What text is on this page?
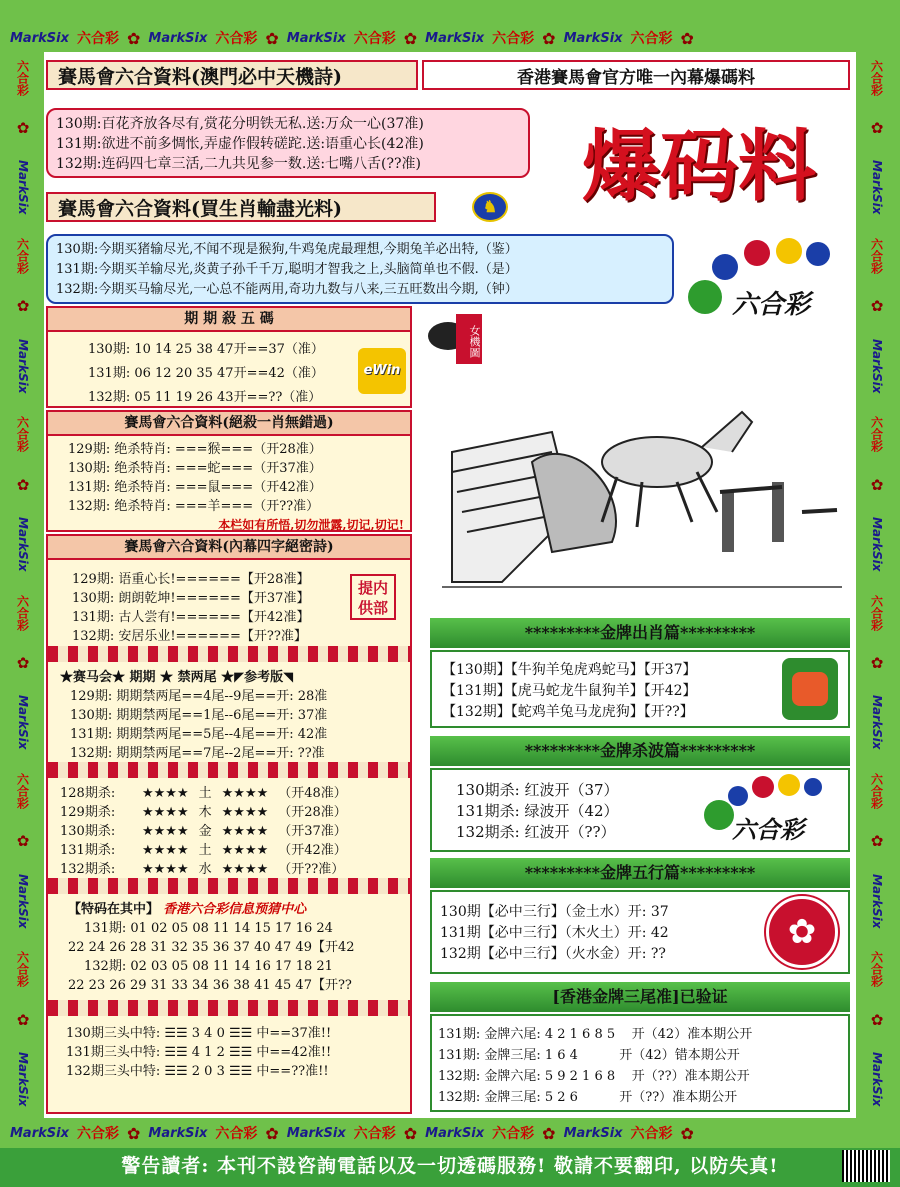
MarkSix 六合彩 ✿ MarkSix 六合彩 ✿ MarkSix 六合彩 ✿ MarkSix 六合彩 ✿ MarkSix 六合彩 ✿
MarkSix 六合彩 ✿ MarkSix 六合彩 ✿ MarkSix 六合彩 ✿ MarkSix 六合彩 ✿ MarkSix 六合彩 ✿
六合彩
✿
MarkSix
六合彩
✿
MarkSix
六合彩
✿
MarkSix
六合彩
✿
MarkSix
六合彩
✿
MarkSix
六合彩
✿
MarkSix
六合彩
✿
MarkSix
六合彩
✿
MarkSix
六合彩
✿
MarkSix
六合彩
✿
MarkSix
六合彩
✿
MarkSix
六合彩
✿
MarkSix
賽馬會六合資料(澳門必中天機詩)	香港賽馬會官方唯一內幕爆碼料
130期:百花齐放各尽有,赏花分明铁无私.送:万众一心(37准)
131期:欲进不前多惆怅,弄虚作假转磋跎.送:语重心长(42准)
132期:连码四七章三活,二九共见参一数.送:七嘴八舌(??准)	爆码料
賽馬會六合資料(買生肖輸盡光料)	♞
130期:今期买猪输尽光,不闻不现是猴狗,牛鸡兔虎最理想,今期兔羊必出特,（鉴）
131期:今期买羊输尽光,炎黄子孙千千万,聪明才智我之上,头脑简单也不假.（是）
132期:今期买马输尽光,一心总不能两用,奇功九数与八来,三五旺数出今期,（钟）
六合彩
期 期 殺 五 碼
130期: 10 14 25 38 47开==37（准）
131期: 06 12 20 35 47开==42（准）
132期: 05 11 19 26 43开==??（准）
eWin
賽馬會六合資料(絕殺一肖無錯過)
129期: 绝杀特肖: ===猴===（开28准）
130期: 绝杀特肖: ===蛇===（开37准）
131期: 绝杀特肖: ===鼠===（开42准）
132期: 绝杀特肖: ===羊===（开??准）
本栏如有所悟,切勿泄露,切记,切记!
賽馬會六合資料(內幕四字絕密詩)
129期: 语重心长!======【开28准】
130期: 朗朗乾坤!======【开37准】
131期: 古人尝有!======【开42准】
132期: 安居乐业!======【开??准】
提内供部
★赛马会★ 期期 ★ 禁两尾 ★◤参考版◥
129期: 期期禁两尾==4尾--9尾==开: 28准
130期: 期期禁两尾==1尾--6尾==开: 37准
131期: 期期禁两尾==5尾--4尾==开: 42准
132期: 期期禁两尾==7尾--2尾==开: ??准
128期杀: ★★★★ 土 ★★★★ （开48准）
129期杀: ★★★★ 木 ★★★★ （开28准）
130期杀: ★★★★ 金 ★★★★ （开37准）
131期杀: ★★★★ 土 ★★★★ （开42准）
132期杀: ★★★★ 水 ★★★★ （开??准）
【特码在其中】 香港六合彩信息预猜中心
131期: 01 02 05 08 11 14 15 17 16 24
22 24 26 28 31 32 35 36 37 40 47 49【开42
132期: 02 03 05 08 11 14 16 17 18 21
22 23 26 29 31 33 34 36 38 41 45 47【开??
130期三头中特: ☰☰ 3 4 0 ☰☰ 中==37准!!
131期三头中特: ☰☰ 4 1 2 ☰☰ 中==42准!!
132期三头中特: ☰☰ 2 0 3 ☰☰ 中==??准!!
女機圖
*********金牌出肖篇*********
【130期】【牛狗羊兔虎鸡蛇马】【开37】
【131期】【虎马蛇龙牛鼠狗羊】【开42】
【132期】【蛇鸡羊兔马龙虎狗】【开??】
*********金牌杀波篇*********
130期杀: 红波开（37）
131期杀: 绿波开（42）
132期杀: 红波开（??）	六合彩
*********金牌五行篇*********
130期【必中三行】（金土水）开: 37
131期【必中三行】（木火土）开: 42
132期【必中三行】（火水金）开: ??
✿
[香港金牌三尾准]已验证
131期: 金牌六尾: 4 2 1 6 8 5    开（42）准本期公开
131期: 金牌三尾: 1 6 4          开（42）错本期公开
132期: 金牌六尾: 5 9 2 1 6 8    开（??）准本期公开
132期: 金牌三尾: 5 2 6          开（??）准本期公开
警告讀者: 本刊不設咨詢電話以及一切透碼服務! 敬請不要翻印, 以防失真!
